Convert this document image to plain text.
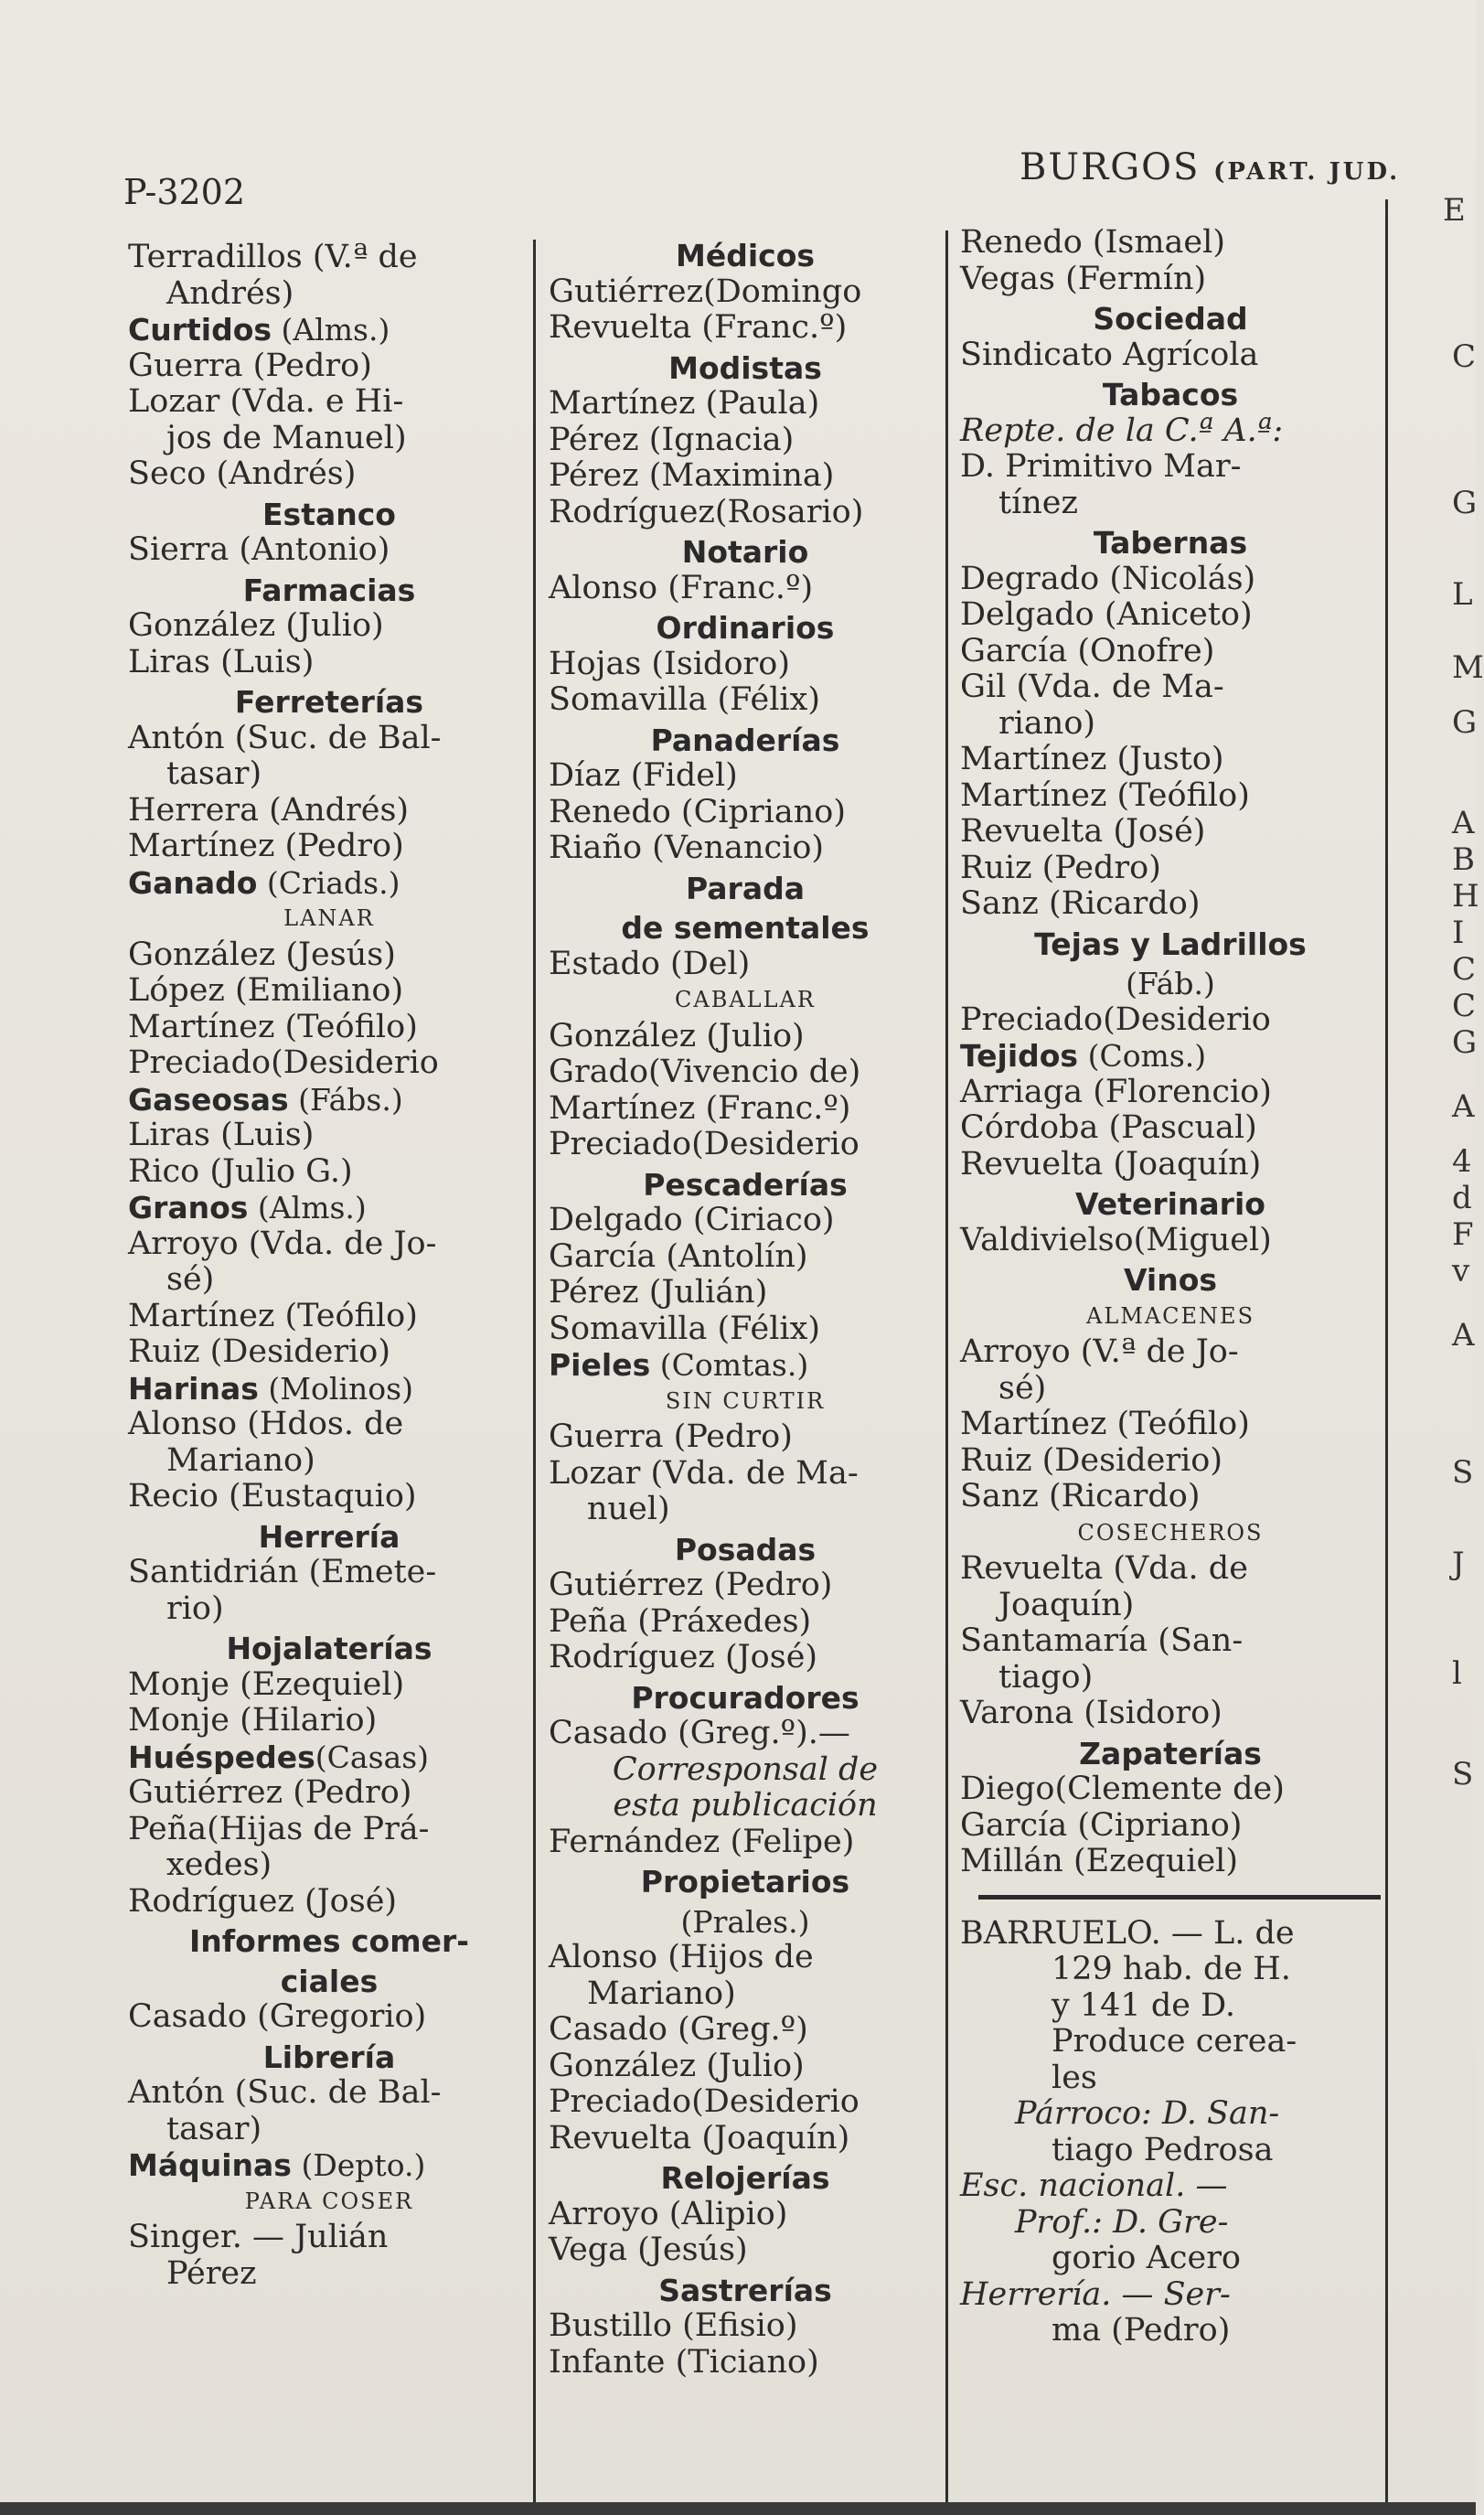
P-3202
BURGOS (PART. JUD.
Terradillos (V.ª de
Andrés)
Curtidos (Alms.)
Guerra (Pedro)
Lozar (Vda. e Hi-
jos de Manuel)
Seco (Andrés)
Estanco
Sierra (Antonio)
Farmacias
González (Julio)
Liras (Luis)
Ferreterías
Antón (Suc. de Bal-
tasar)
Herrera (Andrés)
Martínez (Pedro)
Ganado (Criads.)
LANAR
González (Jesús)
López (Emiliano)
Martínez (Teófilo)
Preciado(Desiderio
Gaseosas (Fábs.)
Liras (Luis)
Rico (Julio G.)
Granos (Alms.)
Arroyo (Vda. de Jo-
sé)
Martínez (Teófilo)
Ruiz (Desiderio)
Harinas (Molinos)
Alonso (Hdos. de
Mariano)
Recio (Eustaquio)
Herrería
Santidrián (Emete-
rio)
Hojalaterías
Monje (Ezequiel)
Monje (Hilario)
Huéspedes(Casas)
Gutiérrez (Pedro)
Peña(Hijas de Prá-
xedes)
Rodríguez (José)
Informes comer-
ciales
Casado (Gregorio)
Librería
Antón (Suc. de Bal-
tasar)
Máquinas (Depto.)
PARA COSER
Singer. — Julián
Pérez
Médicos
Gutiérrez(Domingo
Revuelta (Franc.º)
Modistas
Martínez (Paula)
Pérez (Ignacia)
Pérez (Maximina)
Rodríguez(Rosario)
Notario
Alonso (Franc.º)
Ordinarios
Hojas (Isidoro)
Somavilla (Félix)
Panaderías
Díaz (Fidel)
Renedo (Cipriano)
Riaño (Venancio)
Parada
de sementales
Estado (Del)
CABALLAR
González (Julio)
Grado(Vivencio de)
Martínez (Franc.º)
Preciado(Desiderio
Pescaderías
Delgado (Ciriaco)
García (Antolín)
Pérez (Julián)
Somavilla (Félix)
Pieles (Comtas.)
SIN CURTIR
Guerra (Pedro)
Lozar (Vda. de Ma-
nuel)
Posadas
Gutiérrez (Pedro)
Peña (Práxedes)
Rodríguez (José)
Procuradores
Casado (Greg.º).—
Corresponsal de
esta publicación
Fernández (Felipe)
Propietarios
(Prales.)
Alonso (Hijos de
Mariano)
Casado (Greg.º)
González (Julio)
Preciado(Desiderio
Revuelta (Joaquín)
Relojerías
Arroyo (Alipio)
Vega (Jesús)
Sastrerías
Bustillo (Efisio)
Infante (Ticiano)
Renedo (Ismael)
Vegas (Fermín)
Sociedad
Sindicato Agrícola
Tabacos
Repte. de la C.ª A.ª:
D. Primitivo Mar-
tínez
Tabernas
Degrado (Nicolás)
Delgado (Aniceto)
García (Onofre)
Gil (Vda. de Ma-
riano)
Martínez (Justo)
Martínez (Teófilo)
Revuelta (José)
Ruiz (Pedro)
Sanz (Ricardo)
Tejas y Ladrillos
(Fáb.)
Preciado(Desiderio
Tejidos (Coms.)
Arriaga (Florencio)
Córdoba (Pascual)
Revuelta (Joaquín)
Veterinario
Valdivielso(Miguel)
Vinos
ALMACENES
Arroyo (V.ª de Jo-
sé)
Martínez (Teófilo)
Ruiz (Desiderio)
Sanz (Ricardo)
COSECHEROS
Revuelta (Vda. de
Joaquín)
Santamaría (San-
tiago)
Varona (Isidoro)
Zapaterías
Diego(Clemente de)
García (Cipriano)
Millán (Ezequiel)
BARRUELO. — L. de
129 hab. de H.
y 141 de D.
Produce cerea-
les
Párroco: D. San-
tiago Pedrosa
Esc. nacional. —
Prof.: D. Gre-
gorio Acero
Herrería. — Ser-
ma (Pedro)
E
C
G
L
M
G
A
B
H
I
C
C
G
A
4
d
F
v
A
S
J
l
S
